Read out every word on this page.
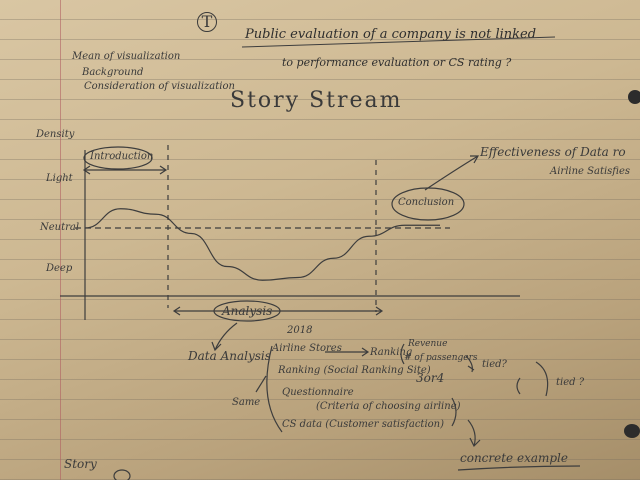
T
Public evaluation of a company is not linked
to performance evaluation or CS rating ?
Mean of visualization
Background
Consideration of visualization
Story Stream
Density
Light
Neutral
Deep
Introduction
Analysis
Conclusion
Effectiveness of Data ro
Airline Satisfies
2018
Data Analysis
Airline Stores
Ranking (Social Ranking Site)
Questionnaire
(Criteria of choosing airline)
CS data (Customer satisfaction)
Ranking
Revenue
# of passengers
3or4
tied?
tied ?
Same
concrete example
Story
